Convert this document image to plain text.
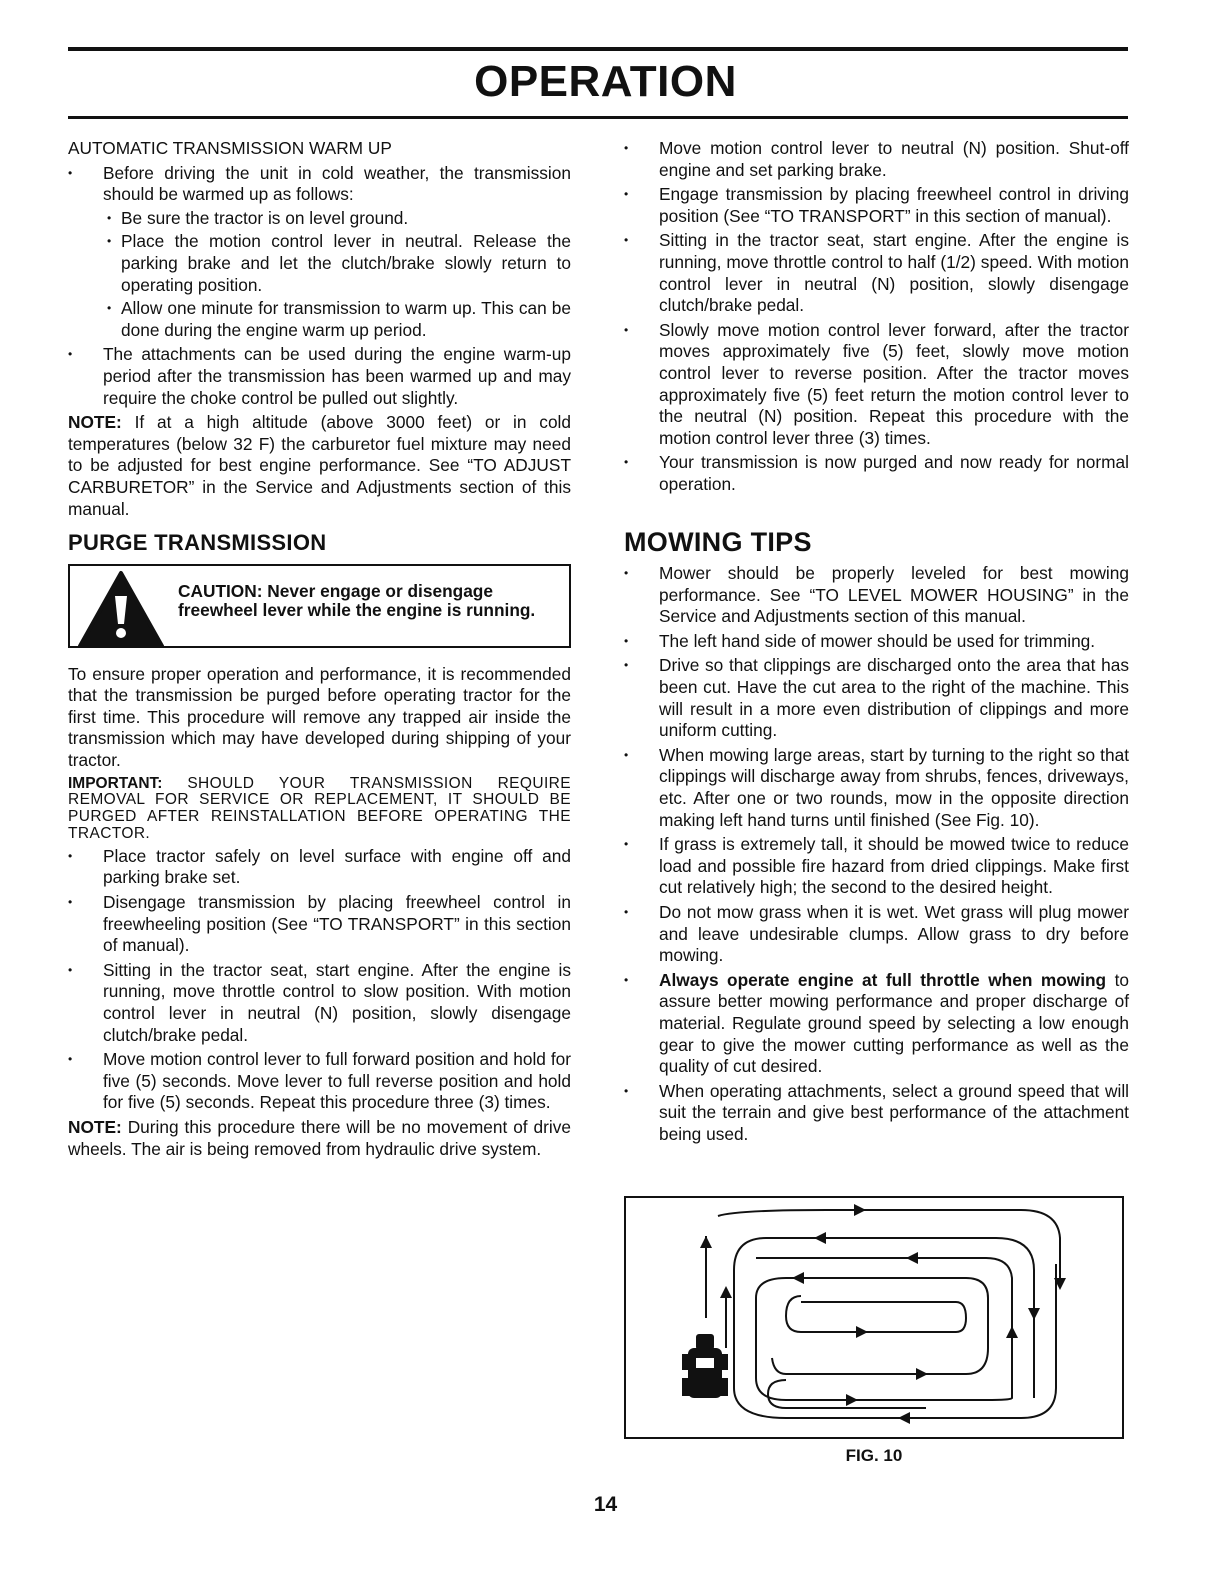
OPERATION

AUTOMATIC TRANSMISSION WARM UP

• Before driving the unit in cold weather, the transmission should be warmed up as follows:
• Be sure the tractor is on level ground.
• Place the motion control lever in neutral. Release the parking brake and let the clutch/brake slowly return to operating position.
• Allow one minute for transmission to warm up. This can be done during the engine warm up period.
• The attachments can be used during the engine warm-up period after the transmission has been warmed up and may require the choke control be pulled out slightly.

NOTE: If at a high altitude (above 3000 feet) or in cold temperatures (below 32 F) the carburetor fuel mixture may need to be adjusted for best engine performance. See “TO ADJUST CARBURETOR” in the Service and Adjustments section of this manual.

PURGE TRANSMISSION
CAUTION: Never engage or disengage freewheel lever while the engine is running.

To ensure proper operation and performance, it is recommended that the transmission be purged before operating tractor for the first time. This procedure will remove any trapped air inside the transmission which may have developed during shipping of your tractor.

IMPORTANT: SHOULD YOUR TRANSMISSION REQUIRE REMOVAL FOR SERVICE OR REPLACEMENT, IT SHOULD BE PURGED AFTER REINSTALLATION BEFORE OPERATING THE TRACTOR.

• Place tractor safely on level surface with engine off and parking brake set.
• Disengage transmission by placing freewheel control in freewheeling position (See “TO TRANSPORT” in this section of manual).
• Sitting in the tractor seat, start engine. After the engine is running, move throttle control to slow position. With motion control lever in neutral (N) position, slowly disengage clutch/brake pedal.
• Move motion control lever to full forward position and hold for five (5) seconds. Move lever to full reverse position and hold for five (5) seconds. Repeat this procedure three (3) times.

NOTE: During this procedure there will be no movement of drive wheels. The air is being removed from hydraulic drive system.

• Move motion control lever to neutral (N) position. Shut-off engine and set parking brake.
• Engage transmission by placing freewheel control in driving position (See “TO TRANSPORT” in this section of manual).
• Sitting in the tractor seat, start engine. After the engine is running, move throttle control to half (1/2) speed. With motion control lever in neutral (N) position, slowly disengage clutch/brake pedal.
• Slowly move motion control lever forward, after the tractor moves approximately five (5) feet, slowly move motion control lever to reverse position. After the tractor moves approximately five (5) feet return the motion control lever to the neutral (N) position. Repeat this procedure with the motion control lever three (3) times.
• Your transmission is now purged and now ready for normal operation.
MOWING TIPS
• Mower should be properly leveled for best mowing performance. See “TO LEVEL MOWER HOUSING” in the Service and Adjustments section of this manual.
• The left hand side of mower should be used for trimming.
• Drive so that clippings are discharged onto the area that has been cut. Have the cut area to the right of the machine. This will result in a more even distribution of clippings and more uniform cutting.
• When mowing large areas, start by turning to the right so that clippings will discharge away from shrubs, fences, driveways, etc. After one or two rounds, mow in the opposite direction making left hand turns until finished (See Fig. 10).
• If grass is extremely tall, it should be mowed twice to reduce load and possible fire hazard from dried clippings. Make first cut relatively high; the second to the desired height.
• Do not mow grass when it is wet. Wet grass will plug mower and leave undesirable clumps. Allow grass to dry before mowing.
• Always operate engine at full throttle when mowing to assure better mowing performance and proper discharge of material. Regulate ground speed by selecting a low enough gear to give the mower cutting performance as well as the quality of cut desired.
• When operating attachments, select a ground speed that will suit the terrain and give best performance of the attachment being used.
FIG. 10
14
